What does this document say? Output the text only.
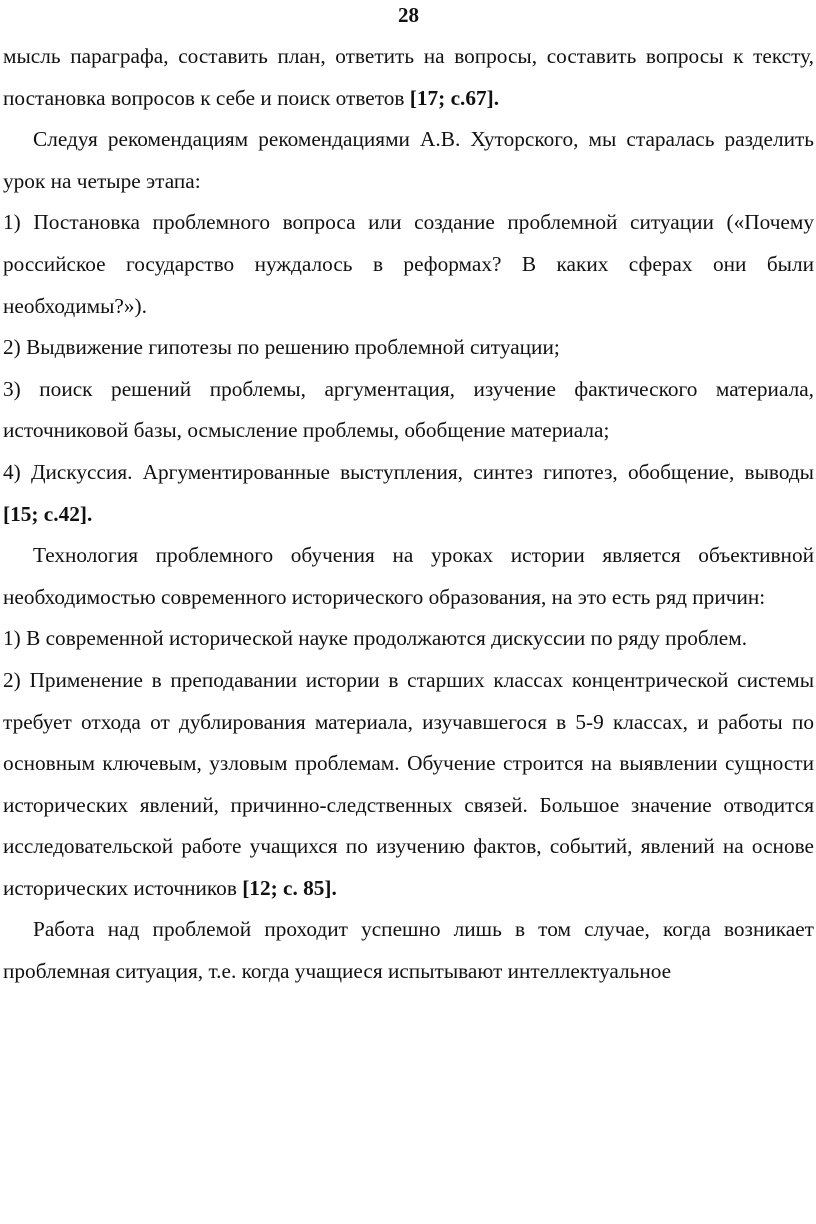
28

мысль параграфа, составить план, ответить на вопросы, составить вопросы к тексту, постановка вопросов к себе и поиск ответов [17; с.67].

Следуя рекомендациям рекомендациями А.В. Хуторского, мы старалась разделить урок на четыре этапа:

1) Постановка проблемного вопроса или создание проблемной ситуации («Почему российское государство нуждалось в реформах? В каких сферах они были необходимы?»).

2) Выдвижение гипотезы по решению проблемной ситуации;

3) поиск решений проблемы, аргументация, изучение фактического материала, источниковой базы, осмысление проблемы, обобщение материала;

4) Дискуссия. Аргументированные выступления, синтез гипотез, обобщение, выводы [15; с.42].

Технология проблемного обучения на уроках истории является объективной необходимостью современного исторического образования, на это есть ряд причин:

1) В современной исторической науке продолжаются дискуссии по ряду проблем.

2) Применение в преподавании истории в старших классах концентрической системы требует отхода от дублирования материала, изучавшегося в 5-9 классах, и работы по основным ключевым, узловым проблемам. Обучение строится на выявлении сущности исторических явлений, причинно-следственных связей. Большое значение отводится исследовательской работе учащихся по изучению фактов, событий, явлений на основе исторических источников [12; с. 85].

Работа над проблемой проходит успешно лишь в том случае, когда возникает проблемная ситуация, т.е. когда учащиеся испытывают интеллектуальное
